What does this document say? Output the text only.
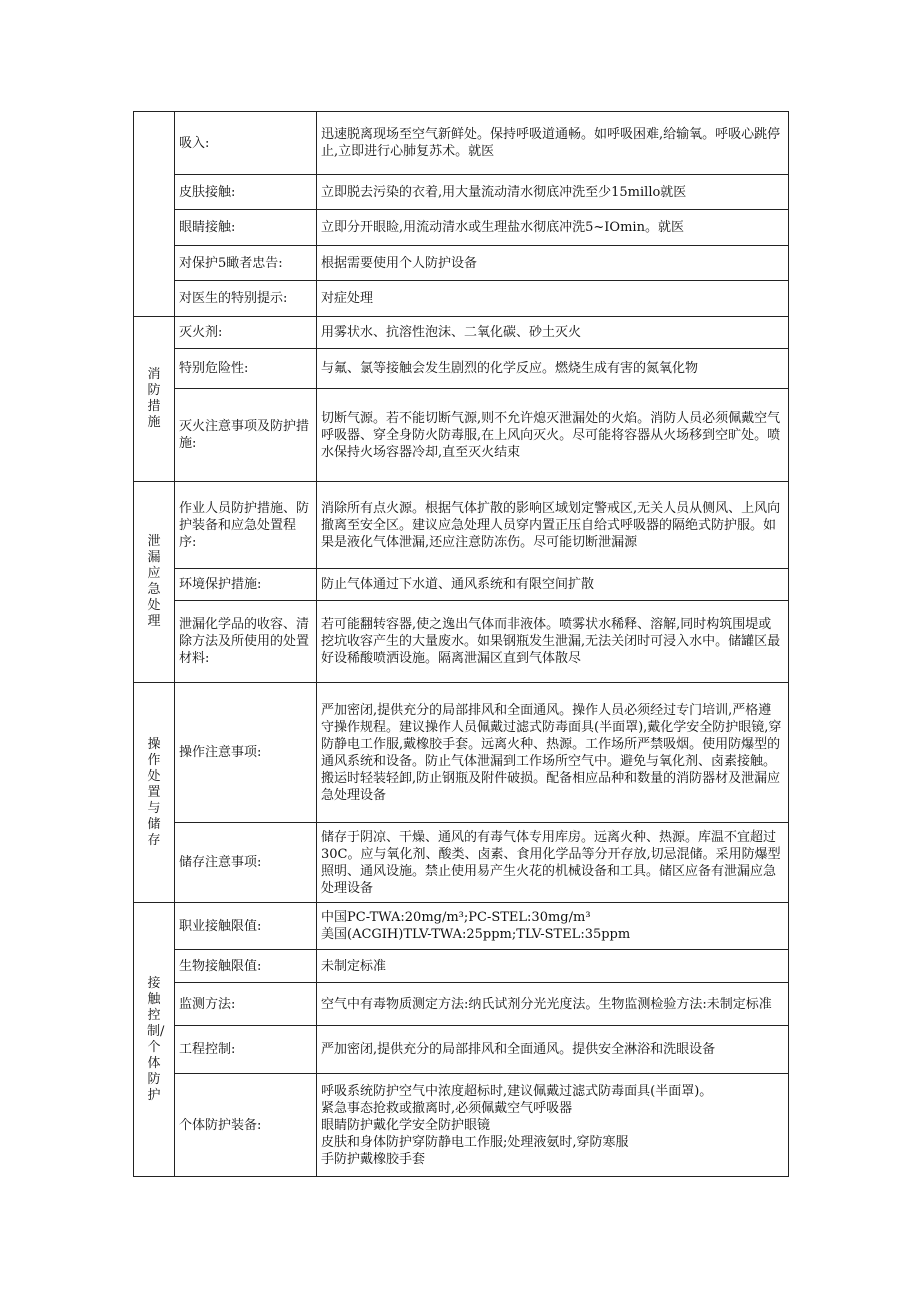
	吸入:	迅速脱离现场至空气新鲜处。保持呼吸道通畅。如呼吸困难,给输氧。呼吸心跳停止,立即进行心肺复苏术。就医
	皮肤接触:	立即脱去污染的衣着,用大量流动清水彻底冲洗至少15millo就医
	眼睛接触:	立即分开眼睑,用流动清水或生理盐水彻底冲洗5~IOmin。就医
	对保护5瞰者忠告:	根据需要使用个人防护设备
	对医生的特别提示:	对症处理

消防措施	灭火剂:	用雾状水、抗溶性泡沫、二氧化碳、砂土灭火
	特别危险性:	与氟、氯等接触会发生剧烈的化学反应。燃烧生成有害的氮氧化物
	灭火注意事项及防护措施:	切断气源。若不能切断气源,则不允许熄灭泄漏处的火焰。消防人员必须佩戴空气呼吸器、穿全身防火防毒服,在上风向灭火。尽可能将容器从火场移到空旷处。喷水保持火场容器冷却,直至灭火结束

泄漏应急处理	作业人员防护措施、防护装备和应急处置程序:	消除所有点火源。根据气体扩散的影响区域划定警戒区,无关人员从侧风、上风向撤离至安全区。建议应急处理人员穿内置正压自给式呼吸器的隔绝式防护服。如果是液化气体泄漏,还应注意防冻伤。尽可能切断泄漏源
	环境保护措施:	防止气体通过下水道、通风系统和有限空间扩散
	泄漏化学品的收容、清除方法及所使用的处置材料:	若可能翻转容器,使之逸出气体而非液体。喷雾状水稀释、溶解,同时构筑围堤或挖坑收容产生的大量废水。如果钢瓶发生泄漏,无法关闭时可浸入水中。储罐区最好设稀酸喷洒设施。隔离泄漏区直到气体散尽

操作处置与储存	操作注意事项:	严加密闭,提供充分的局部排风和全面通风。操作人员必须经过专门培训,严格遵守操作规程。建议操作人员佩戴过滤式防毒面具(半面罩),戴化学安全防护眼镜,穿防静电工作服,戴橡胶手套。远离火种、热源。工作场所严禁吸烟。使用防爆型的通风系统和设备。防止气体泄漏到工作场所空气中。避免与氧化剂、卤素接触。搬运时轻装轻卸,防止钢瓶及附件破损。配备相应品种和数量的消防器材及泄漏应急处理设备
	储存注意事项:	储存于阴凉、干燥、通风的有毒气体专用库房。远离火种、热源。库温不宜超过30C。应与氧化剂、酸类、卤素、食用化学品等分开存放,切忌混储。采用防爆型照明、通风设施。禁止使用易产生火花的机械设备和工具。储区应备有泄漏应急处理设备

接触控制/个体防护	职业接触限值:	中国PC-TWA:20mg/m³;PC-STEL:30mg/m³
美国(ACGIH)TLV-TWA:25ppm;TLV-STEL:35ppm

	生物接触限值:	未制定标准
	监测方法:	空气中有毒物质测定方法:纳氏试剂分光光度法。生物监测检验方法:未制定标准
	工程控制:	严加密闭,提供充分的局部排风和全面通风。提供安全淋浴和洗眼设备
	个体防护装备:	呼吸系统防护空气中浓度超标时,建议佩戴过滤式防毒面具(半面罩)。
紧急事态抢救或撤离时,必须佩戴空气呼吸器
眼睛防护戴化学安全防护眼镜
皮肤和身体防护穿防静电工作服;处理液氨时,穿防寒服
手防护戴橡胶手套
